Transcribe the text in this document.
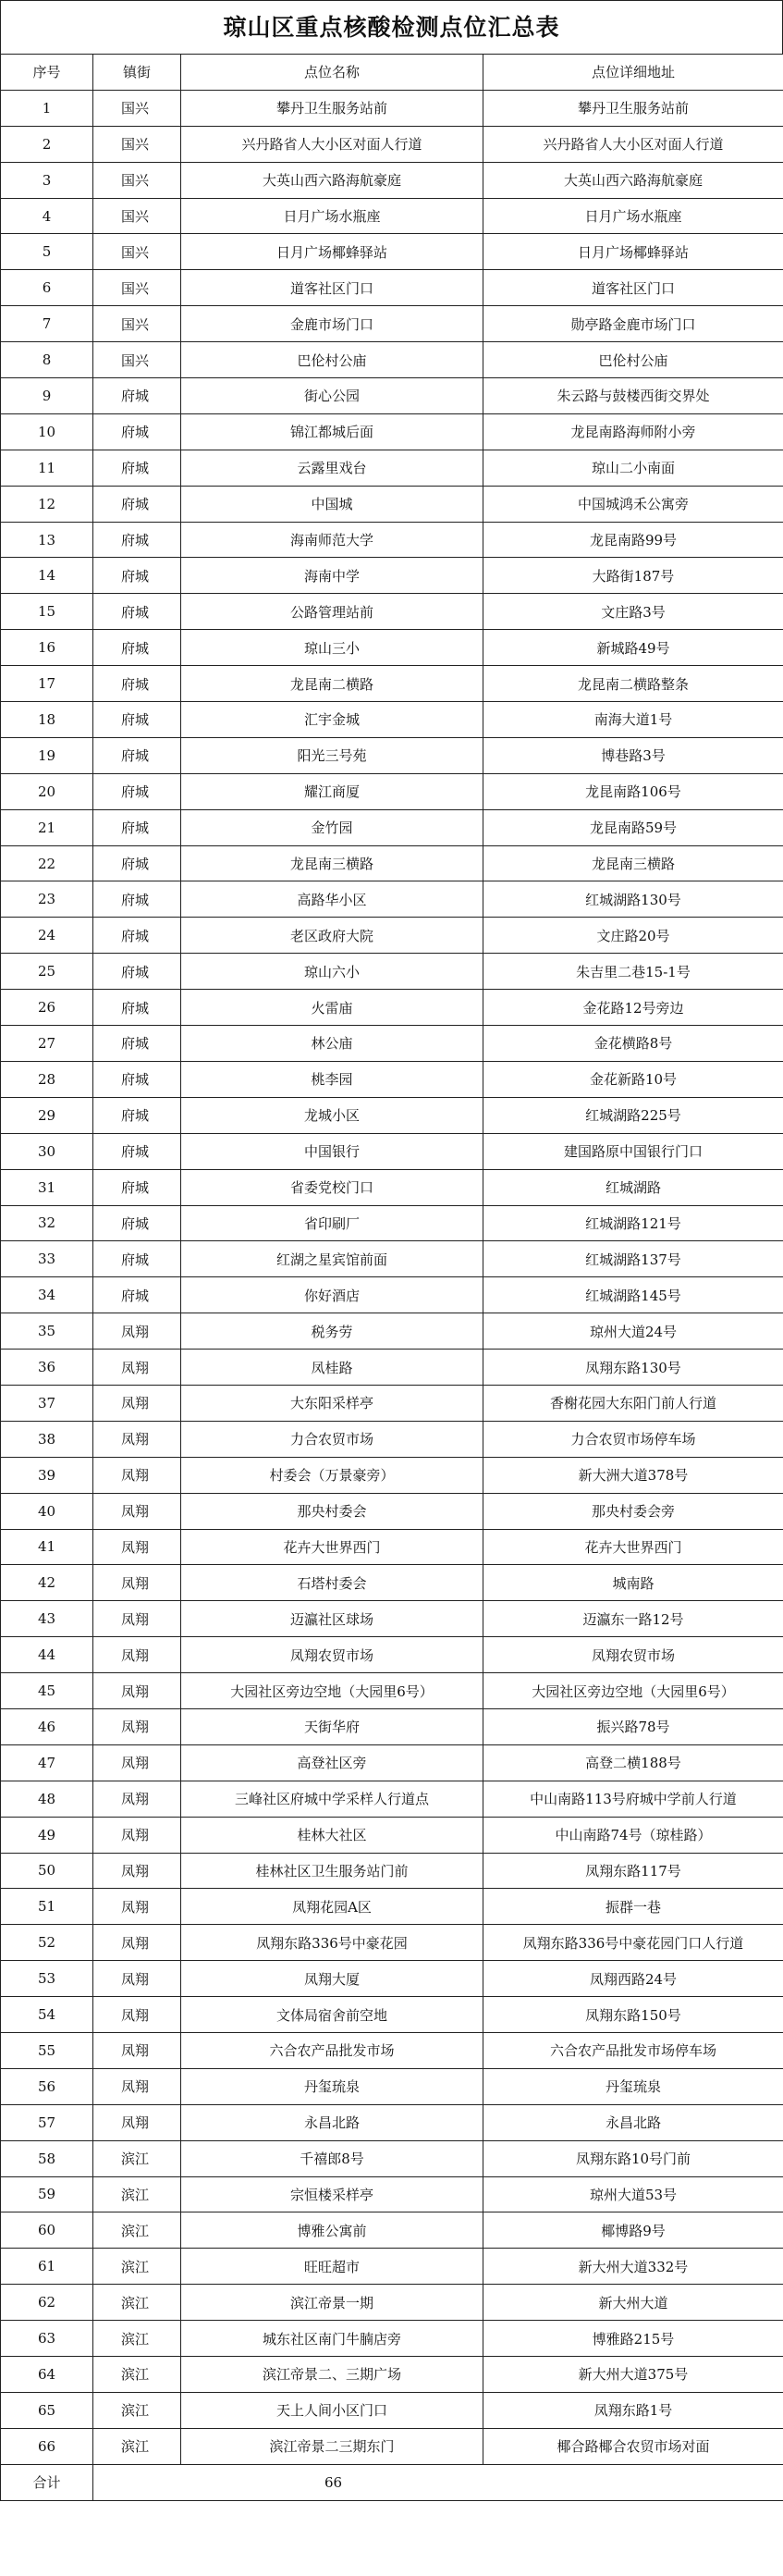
琼山区重点核酸检测点位汇总表
序号	镇街	点位名称	点位详细地址
1	国兴	攀丹卫生服务站前	攀丹卫生服务站前
2	国兴	兴丹路省人大小区对面人行道	兴丹路省人大小区对面人行道
3	国兴	大英山西六路海航豪庭	大英山西六路海航豪庭
4	国兴	日月广场水瓶座	日月广场水瓶座
5	国兴	日月广场椰蜂驿站	日月广场椰蜂驿站
6	国兴	道客社区门口	道客社区门口
7	国兴	金鹿市场门口	勋亭路金鹿市场门口
8	国兴	巴伦村公庙	巴伦村公庙
9	府城	街心公园	朱云路与鼓楼西街交界处
10	府城	锦江都城后面	龙昆南路海师附小旁
11	府城	云露里戏台	琼山二小南面
12	府城	中国城	中国城鸿禾公寓旁
13	府城	海南师范大学	龙昆南路99号
14	府城	海南中学	大路街187号
15	府城	公路管理站前	文庄路3号
16	府城	琼山三小	新城路49号
17	府城	龙昆南二横路	龙昆南二横路整条
18	府城	汇宇金城	南海大道1号
19	府城	阳光三号苑	博巷路3号
20	府城	耀江商厦	龙昆南路106号
21	府城	金竹园	龙昆南路59号
22	府城	龙昆南三横路	龙昆南三横路
23	府城	高路华小区	红城湖路130号
24	府城	老区政府大院	文庄路20号
25	府城	琼山六小	朱吉里二巷15-1号
26	府城	火雷庙	金花路12号旁边
27	府城	林公庙	金花横路8号
28	府城	桃李园	金花新路10号
29	府城	龙城小区	红城湖路225号
30	府城	中国银行	建国路原中国银行门口
31	府城	省委党校门口	红城湖路
32	府城	省印刷厂	红城湖路121号
33	府城	红湖之星宾馆前面	红城湖路137号
34	府城	你好酒店	红城湖路145号
35	凤翔	税务劳	琼州大道24号
36	凤翔	凤桂路	凤翔东路130号
37	凤翔	大东阳采样亭	香榭花园大东阳门前人行道
38	凤翔	力合农贸市场	力合农贸市场停车场
39	凤翔	村委会（万景豪旁）	新大洲大道378号
40	凤翔	那央村委会	那央村委会旁
41	凤翔	花卉大世界西门	花卉大世界西门
42	凤翔	石塔村委会	城南路
43	凤翔	迈瀛社区球场	迈瀛东一路12号
44	凤翔	凤翔农贸市场	凤翔农贸市场
45	凤翔	大园社区旁边空地（大园里6号）	大园社区旁边空地（大园里6号）
46	凤翔	天街华府	振兴路78号
47	凤翔	高登社区旁	高登二横188号
48	凤翔	三峰社区府城中学采样人行道点	中山南路113号府城中学前人行道
49	凤翔	桂林大社区	中山南路74号（琼桂路）
50	凤翔	桂林社区卫生服务站门前	凤翔东路117号
51	凤翔	凤翔花园A区	振群一巷
52	凤翔	凤翔东路336号中豪花园	凤翔东路336号中豪花园门口人行道
53	凤翔	凤翔大厦	凤翔西路24号
54	凤翔	文体局宿舍前空地	凤翔东路150号
55	凤翔	六合农产品批发市场	六合农产品批发市场停车场
56	凤翔	丹玺琉泉	丹玺琉泉
57	凤翔	永昌北路	永昌北路
58	滨江	千禧郎8号	凤翔东路10号门前
59	滨江	宗恒楼采样亭	琼州大道53号
60	滨江	博雅公寓前	椰博路9号
61	滨江	旺旺超市	新大州大道332号
62	滨江	滨江帝景一期	新大州大道
63	滨江	城东社区南门牛腩店旁	博雅路215号
64	滨江	滨江帝景二、三期广场	新大州大道375号
65	滨江	天上人间小区门口	凤翔东路1号
66	滨江	滨江帝景二三期东门	椰合路椰合农贸市场对面
合计	66		
